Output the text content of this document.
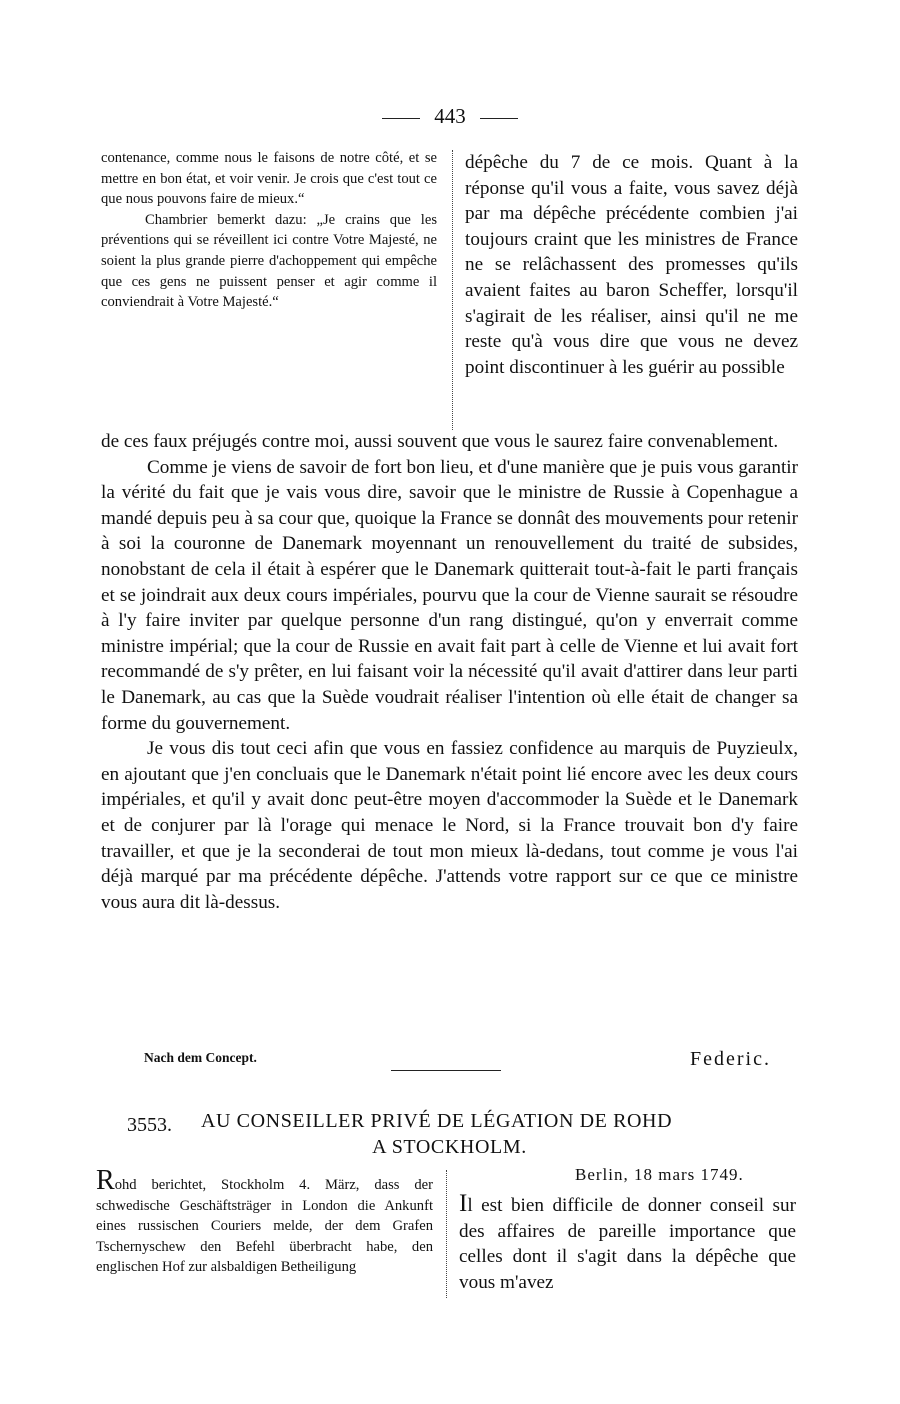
443

contenance, comme nous le faisons de notre côté, et se mettre en bon état, et voir venir. Je crois que c'est tout ce que nous pouvons faire de mieux.“

Chambrier bemerkt dazu: „Je crains que les préventions qui se réveillent ici contre Votre Majesté, ne soient la plus grande pierre d'achoppement qui empêche que ces gens ne puissent penser et agir comme il conviendrait à Votre Majesté.“

dépêche du 7 de ce mois. Quant à la réponse qu'il vous a faite, vous savez déjà par ma dépêche précédente combien j'ai toujours craint que les ministres de France ne se relâchassent des promesses qu'ils avaient faites au baron Scheffer, lorsqu'il s'agirait de les réaliser, ainsi qu'il ne me reste qu'à vous dire que vous ne devez point discontinuer à les guérir au possible

de ces faux préjugés contre moi, aussi souvent que vous le saurez faire convenablement.

Comme je viens de savoir de fort bon lieu, et d'une manière que je puis vous garantir la vérité du fait que je vais vous dire, savoir que le ministre de Russie à Copenhague a mandé depuis peu à sa cour que, quoique la France se donnât des mouvements pour retenir à soi la couronne de Danemark moyennant un renouvellement du traité de subsides, nonobstant de cela il était à espérer que le Danemark quitterait tout-à-fait le parti français et se joindrait aux deux cours impériales, pourvu que la cour de Vienne saurait se résoudre à l'y faire inviter par quelque personne d'un rang distingué, qu'on y enverrait comme ministre impérial; que la cour de Russie en avait fait part à celle de Vienne et lui avait fort recommandé de s'y prêter, en lui faisant voir la nécessité qu'il avait d'attirer dans leur parti le Danemark, au cas que la Suède voudrait réaliser l'intention où elle était de changer sa forme du gouvernement.

Je vous dis tout ceci afin que vous en fassiez confidence au marquis de Puyzieulx, en ajoutant que j'en concluais que le Danemark n'était point lié encore avec les deux cours impériales, et qu'il y avait donc peut-être moyen d'accommoder la Suède et le Danemark et de conjurer par là l'orage qui menace le Nord, si la France trouvait bon d'y faire travailler, et que je la seconderai de tout mon mieux là-dedans, tout comme je vous l'ai déjà marqué par ma précédente dépêche. J'attends votre rapport sur ce que ce ministre vous aura dit là-dessus.

Nach dem Concept.	Federic.
3553. AU CONSEILLER PRIVÉ DE LÉGATION DE ROHD
A STOCKHOLM.

Rohd berichtet, Stockholm 4. März, dass der schwedische Geschäftsträger in London die Ankunft eines russischen Couriers melde, der dem Grafen Tschernyschew den Befehl überbracht habe, den englischen Hof zur alsbaldigen Betheiligung

Berlin, 18 mars 1749.

Il est bien difficile de donner conseil sur des affaires de pareille importance que celles dont il s'agit dans la dépêche que vous m'avez
